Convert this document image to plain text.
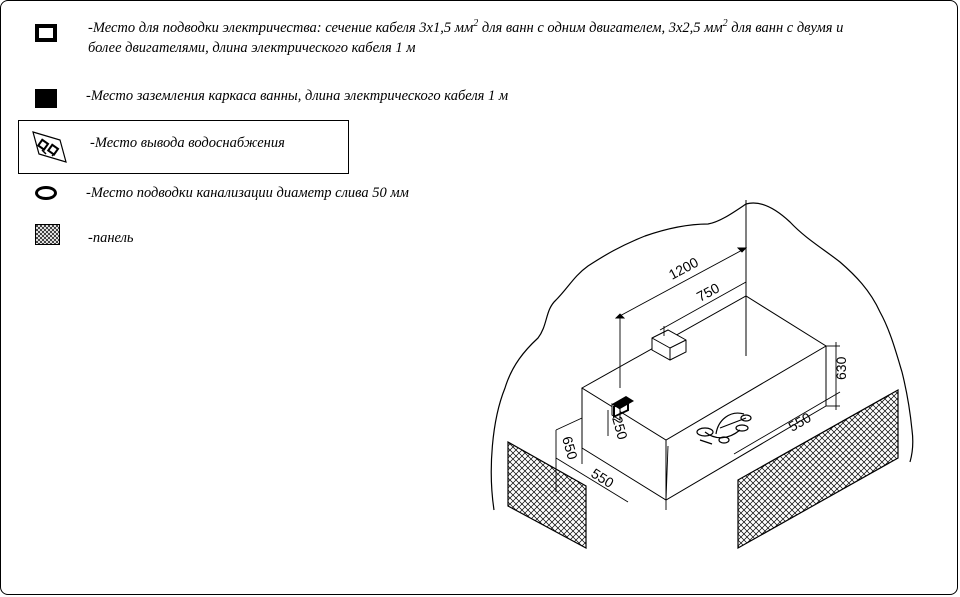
-Место для подводки электричества: сечение кабеля 3х1,5 $мм^2$ для ванн с одним двигателем, 3х2,5 $мм^2$ для ванн с двумя и
более двигателями, длина электрического кабеля 1 м
-Место заземления каркаса ванны, длина электрического кабеля 1 м
-Место вывода водоснабжения
-Место подводки канализации диаметр слива 50 мм
-панель
1200
750
630
550
550
650
250
